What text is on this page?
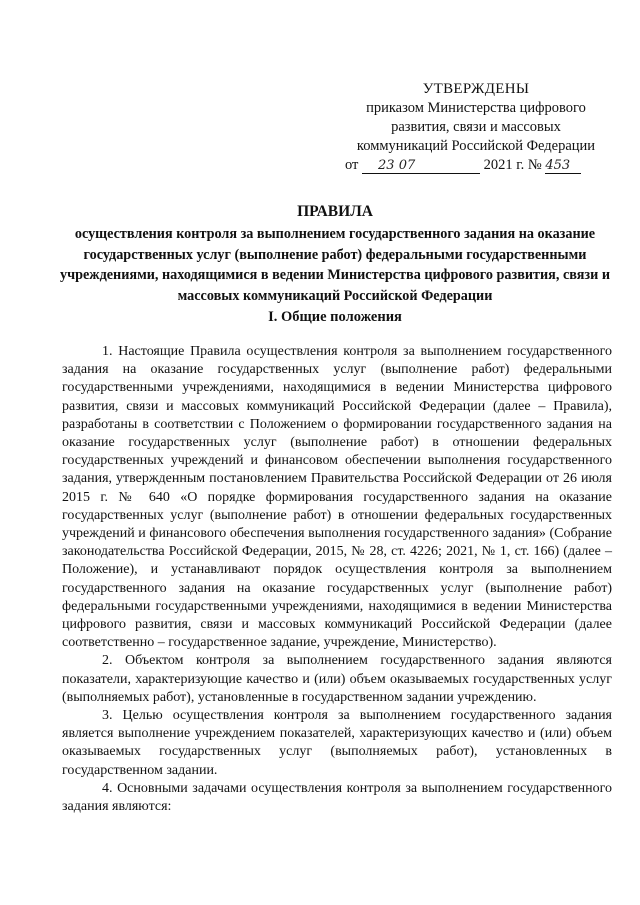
УТВЕРЖДЕНЫ
приказом Министерства цифрового
развития, связи и массовых
коммуникаций Российской Федерации
от 23 07	2021 г. № 453
ПРАВИЛА
осуществления контроля за выполнением государственного задания на оказание государственных услуг (выполнение работ) федеральными государственными учреждениями, находящимися в ведении Министерства цифрового развития, связи и массовых коммуникаций Российской Федерации
I. Общие положения

1. Настоящие Правила осуществления контроля за выполнением государственного задания на оказание государственных услуг (выполнение работ) федеральными государственными учреждениями, находящимися в ведении Министерства цифрового развития, связи и массовых коммуникаций Российской Федерации (далее – Правила), разработаны в соответствии с Положением о формировании государственного задания на оказание государственных услуг (выполнение работ) в отношении федеральных государственных учреждений и финансовом обеспечении выполнения государственного задания, утвержденным постановлением Правительства Российской Федерации от 26 июля 2015 г. № 640 «О порядке формирования государственного задания на оказание государственных услуг (выполнение работ) в отношении федеральных государственных учреждений и финансового обеспечения выполнения государственного задания» (Собрание законодательства Российской Федерации, 2015, № 28, ст. 4226; 2021, № 1, ст. 166) (далее – Положение), и устанавливают порядок осуществления контроля за выполнением государственного задания на оказание государственных услуг (выполнение работ) федеральными государственными учреждениями, находящимися в ведении Министерства цифрового развития, связи и массовых коммуникаций Российской Федерации (далее соответственно – государственное задание, учреждение, Министерство).

2. Объектом контроля за выполнением государственного задания являются показатели, характеризующие качество и (или) объем оказываемых государственных услуг (выполняемых работ), установленные в государственном задании учреждению.

3. Целью осуществления контроля за выполнением государственного задания является выполнение учреждением показателей, характеризующих качество и (или) объем оказываемых государственных услуг (выполняемых работ), установленных в государственном задании.

4. Основными задачами осуществления контроля за выполнением государственного задания являются:
